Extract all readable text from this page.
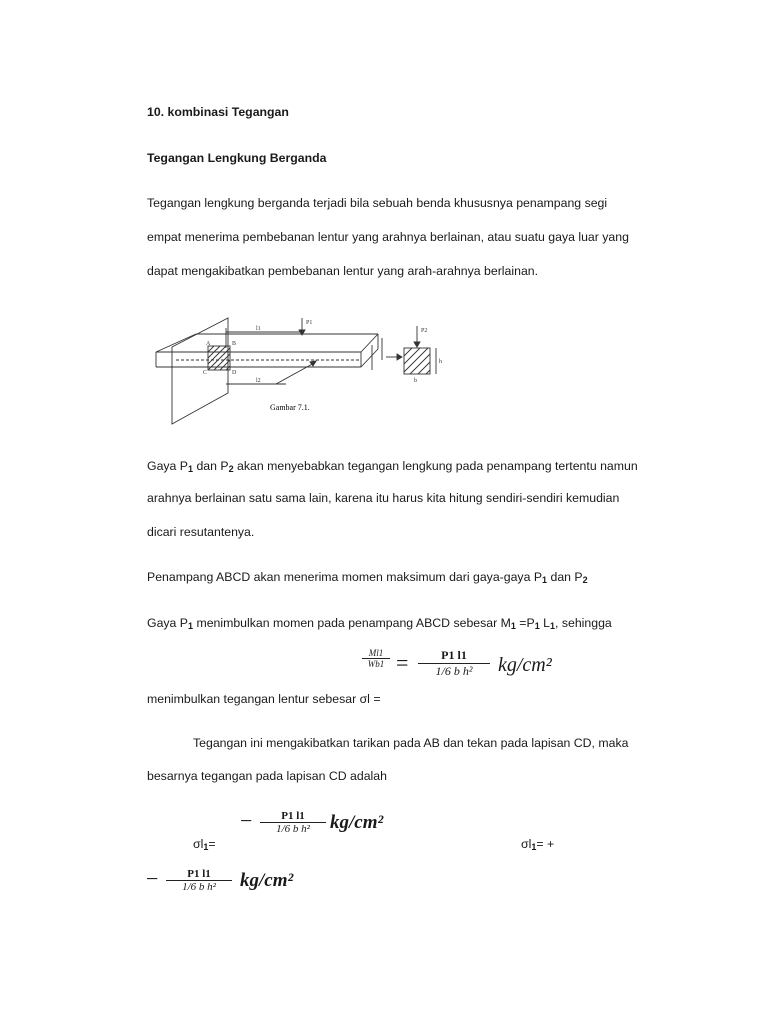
10. kombinasi Tegangan
Tegangan Lengkung Berganda
Tegangan lengkung berganda terjadi bila sebuah benda khususnya penampang segi
empat menerima pembebanan lentur yang arahnya berlainan, atau suatu gaya luar yang
dapat mengakibatkan pembebanan lentur yang arah-arahnya berlainan.
P1
P2
A	B
C	D
l1
l2	b
h
Gambar 7.1.
Gaya $P_1$ dan $P_2$ akan menyebabkan tegangan lengkung pada penampang tertentu namun
arahnya berlainan satu sama lain, karena itu harus kita hitung sendiri-sendiri kemudian
dicari resutantenya.
Penampang ABCD akan menerima momen maksimum dari gaya-gaya $P_1$ dan $P_2$
Gaya $P_1$ menimbulkan momen pada penampang ABCD sebesar $M_1 =P_1$ $L_1$, sehingga
$\frac{Ml1}{Wb1} = \frac{P1 l1}{\text{1/6 b h²}} kg/cm^2$
menimbulkan tegangan lentur sebesar σl =
Tegangan ini mengakibatkan tarikan pada AB dan tekan pada lapisan CD, maka
besarnya tegangan pada lapisan CD adalah
− $\frac{P1 l1}{\text{1/6 b h²}} kg/cm^2$
$\sigma l_1=$	$\sigma l_1=$ +
− $\frac{P1 l1}{\text{1/6 b h²}} kg/cm^2$
